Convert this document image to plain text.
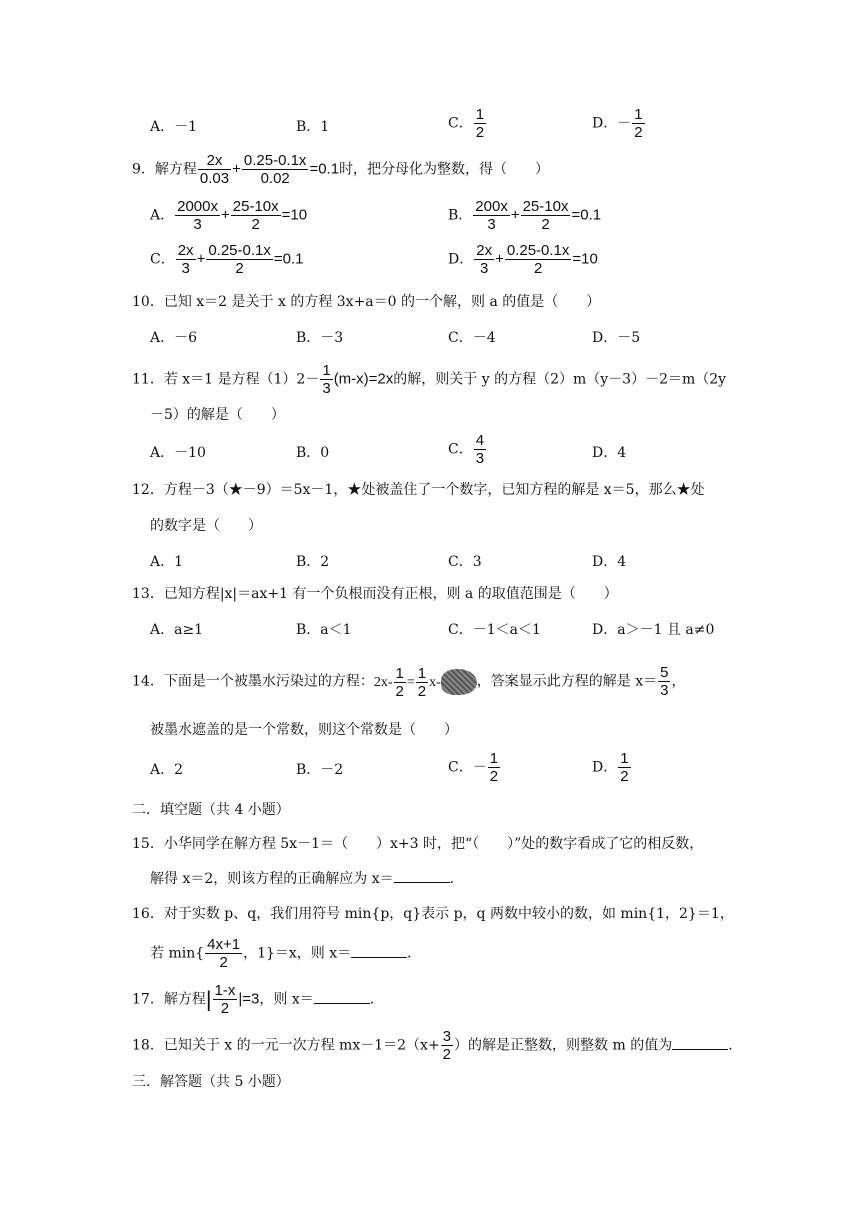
A．－1	B．1	C． $\frac{1}{2}$	D．－ $\frac{1}{2}$
9．解方程 $\frac{2x}{0.03} + \frac{0.25-0.1x}{0.02} =0.1$时，把分母化为整数，得（　　）
A． $\frac{2000x}{3} + \frac{25-10x}{2} =10$	B． $\frac{200x}{3} + \frac{25-10x}{2} =0.1$
C． $\frac{2x}{3} + \frac{0.25-0.1x}{2} =0.1$	D． $\frac{2x}{3} + \frac{0.25-0.1x}{2} =10$
10．已知 x＝2 是关于 x 的方程 3x+a＝0 的一个解，则 a 的值是（　　）
A．－6	B．－3	C．－4	D．－5
11．若 x＝1 是方程$(1)2- \frac{1}{3} (m-x)=2x$的解，则关于 y 的方程（2）m（y－3）－2＝m（2y
－5）的解是（　　）
A．－10	B．0	C． $\frac{4}{3}$	D．4
12．方程－3（★－9）＝5x－1，★处被盖住了一个数字，已知方程的解是 x＝5，那么★处
的数字是（　　）
A．1	B．2	C．3	D．4
13．已知方程|x|＝ax+1 有一个负根而没有正根，则 a 的取值范围是（　　）
A．a≥1	B．a＜1	C．－1＜a＜1	D．a＞－1 且 a≠0
14．下面是一个被墨水污染过的方程：$2x- \frac{1}{2} = \frac{1}{2} x-$	，答案显示此方程的解是 $x= \frac{5}{3}$ ，
被墨水遮盖的是一个常数，则这个常数是（　　）
A．2	B．－2	C．－ $\frac{1}{2}$	D． $\frac{1}{2}$
二．填空题（共 4 小题）
15．小华同学在解方程 5x－1＝（　　）x+3 时，把“（　　）”处的数字看成了它的相反数，
解得 x＝2，则该方程的正确解应为 x＝	．
16．对于实数 p、q，我们用符号 min{p，q}表示 p，q 两数中较小的数，如 min{1，2}＝1，
若 $\min\{ \frac{4x+1}{2}$ ，1}＝x，则 x＝	．
17．解方程| $\frac{1-x}{2} |=3$，则 x＝	．
18．已知关于 x 的一元一次方程 $mx-1=2(x+ \frac{3}{2}$ ）的解是正整数，则整数 m 的值为	．
三．解答题（共 5 小题）
